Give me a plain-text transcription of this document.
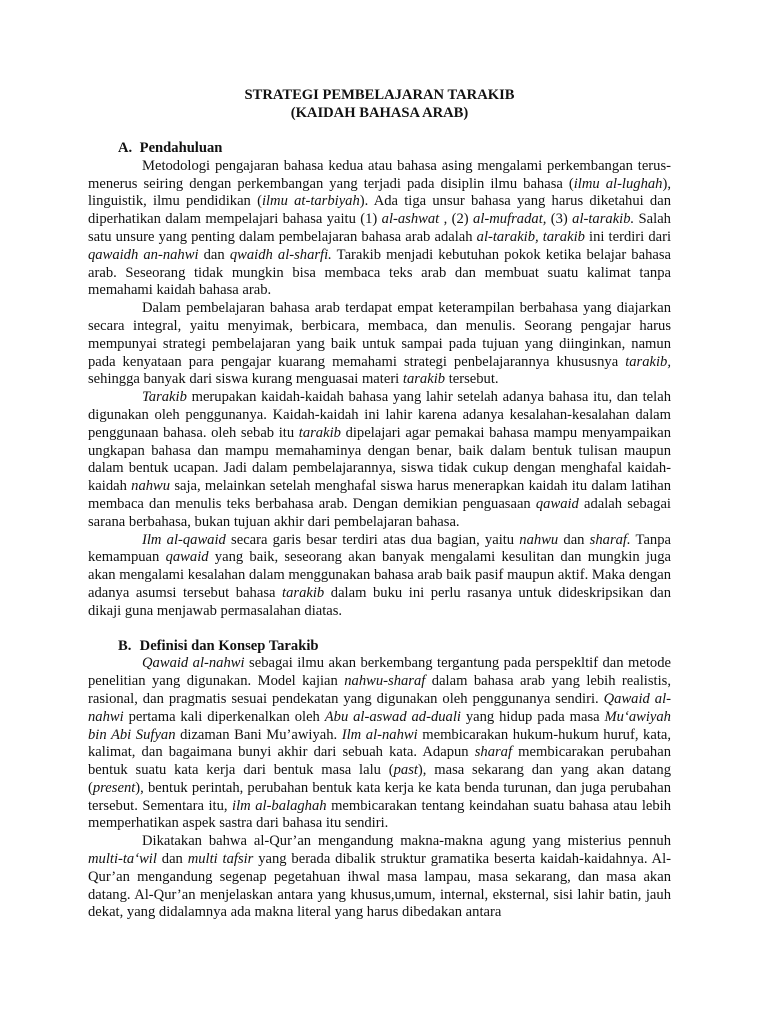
STRATEGI PEMBELAJARAN TARAKIB

(KAIDAH BAHASA ARAB)

A. Pendahuluan

Metodologi pengajaran bahasa kedua atau bahasa asing mengalami perkembangan terus-menerus seiring dengan perkembangan yang terjadi pada disiplin ilmu bahasa (ilmu al-lughah), linguistik, ilmu pendidikan (ilmu at-tarbiyah). Ada tiga unsur bahasa yang harus diketahui dan diperhatikan dalam mempelajari bahasa yaitu (1) al-ashwat , (2) al-mufradat, (3) al-tarakib. Salah satu unsure yang penting dalam pembelajaran bahasa arab adalah al-tarakib, tarakib ini terdiri dari qawaidh an-nahwi dan qwaidh al-sharfi. Tarakib menjadi kebutuhan pokok ketika belajar bahasa arab. Seseorang tidak mungkin bisa membaca teks arab dan membuat suatu kalimat tanpa memahami kaidah bahasa arab.

Dalam pembelajaran bahasa arab terdapat empat keterampilan berbahasa yang diajarkan secara integral, yaitu menyimak, berbicara, membaca, dan menulis. Seorang pengajar harus mempunyai strategi pembelajaran yang baik untuk sampai pada tujuan yang diinginkan, namun pada kenyataan para pengajar kuarang memahami strategi penbelajarannya khususnya tarakib, sehingga banyak dari siswa kurang menguasai materi tarakib tersebut.

Tarakib merupakan kaidah-kaidah bahasa yang lahir setelah adanya bahasa itu, dan telah digunakan oleh penggunanya. Kaidah-kaidah ini lahir karena adanya kesalahan-kesalahan dalam penggunaan bahasa. oleh sebab itu tarakib dipelajari agar pemakai bahasa mampu menyampaikan ungkapan bahasa dan mampu memahaminya dengan benar, baik dalam bentuk tulisan maupun dalam bentuk ucapan. Jadi dalam pembelajarannya, siswa tidak cukup dengan menghafal kaidah-kaidah nahwu saja, melainkan setelah menghafal siswa harus menerapkan kaidah itu dalam latihan membaca dan menulis teks berbahasa arab. Dengan demikian penguasaan qawaid adalah sebagai sarana berbahasa, bukan tujuan akhir dari pembelajaran bahasa.

Ilm al-qawaid secara garis besar terdiri atas dua bagian, yaitu nahwu dan sharaf. Tanpa kemampuan qawaid yang baik, seseorang akan banyak mengalami kesulitan dan mungkin juga akan mengalami kesalahan dalam menggunakan bahasa arab baik pasif maupun aktif. Maka dengan adanya asumsi tersebut bahasa tarakib dalam buku ini perlu rasanya untuk dideskripsikan dan dikaji guna menjawab permasalahan diatas.

B. Definisi dan Konsep Tarakib

Qawaid al-nahwi sebagai ilmu akan berkembang tergantung pada perspekltif dan metode penelitian yang digunakan. Model kajian nahwu-sharaf dalam bahasa arab yang lebih realistis, rasional, dan pragmatis sesuai pendekatan yang digunakan oleh penggunanya sendiri. Qawaid al-nahwi pertama kali diperkenalkan oleh Abu al-aswad ad-duali yang hidup pada masa Mu‘awiyah bin Abi Sufyan dizaman Bani Mu’awiyah. Ilm al-nahwi membicarakan hukum-hukum huruf, kata, kalimat, dan bagaimana bunyi akhir dari sebuah kata. Adapun sharaf membicarakan perubahan bentuk suatu kata kerja dari bentuk masa lalu (past), masa sekarang dan yang akan datang (present), bentuk perintah, perubahan bentuk kata kerja ke kata benda turunan, dan juga perubahan tersebut. Sementara itu, ilm al-balaghah membicarakan tentang keindahan suatu bahasa atau lebih memperhatikan aspek sastra dari bahasa itu sendiri.

Dikatakan bahwa al-Qur’an mengandung makna-makna agung yang misterius pennuh multi-ta‘wil dan multi tafsir yang berada dibalik struktur gramatika beserta kaidah-kaidahnya. Al-Qur’an mengandung segenap pegetahuan ihwal masa lampau, masa sekarang, dan masa akan datang. Al-Qur’an menjelaskan antara yang khusus,umum, internal, eksternal, sisi lahir batin, jauh dekat, yang didalamnya ada makna literal yang harus dibedakan antara
